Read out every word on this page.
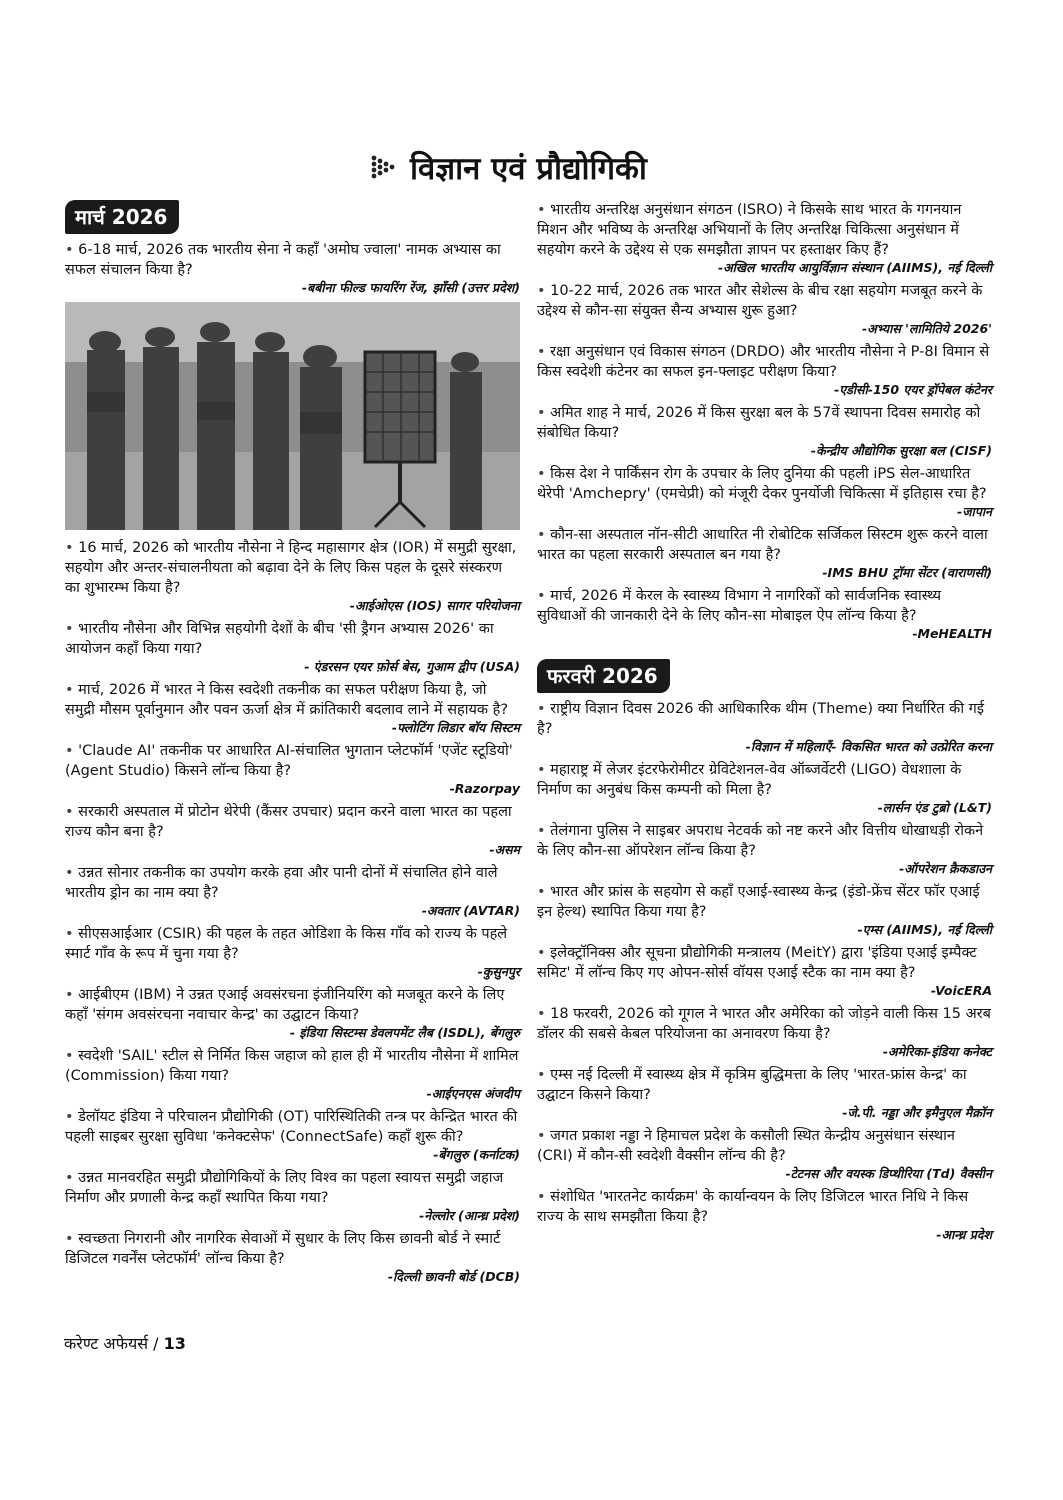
विज्ञान एवं प्रौद्योगिकी
मार्च 2026
• 6-18 मार्च, 2026 तक भारतीय सेना ने कहाँ 'अमोघ ज्वाला' नामक अभ्यास का सफल संचालन किया है?
-बबीना फील्ड फायरिंग रेंज, झाँसी (उत्तर प्रदेश)
• 16 मार्च, 2026 को भारतीय नौसेना ने हिन्द महासागर क्षेत्र (IOR) में समुद्री सुरक्षा, सहयोग और अन्तर-संचालनीयता को बढ़ावा देने के लिए किस पहल के दूसरे संस्करण का शुभारम्भ किया है?
-आईओएस (IOS) सागर परियोजना
• भारतीय नौसेना और विभिन्न सहयोगी देशों के बीच 'सी ड्रैगन अभ्यास 2026' का आयोजन कहाँ किया गया?
- एंडरसन एयर फ़ोर्स बेस, गुआम द्वीप (USA)
• मार्च, 2026 में भारत ने किस स्वदेशी तकनीक का सफल परीक्षण किया है, जो समुद्री मौसम पूर्वानुमान और पवन ऊर्जा क्षेत्र में क्रांतिकारी बदलाव लाने में सहायक है?
-फ्लोटिंग लिडार बॉय सिस्टम
• 'Claude AI' तकनीक पर आधारित AI-संचालित भुगतान प्लेटफॉर्म 'एजेंट स्टूडियो' (Agent Studio) किसने लॉन्च किया है?
-Razorpay
• सरकारी अस्पताल में प्रोटोन थेरेपी (कैंसर उपचार) प्रदान करने वाला भारत का पहला राज्य कौन बना है?
-असम
• उन्नत सोनार तकनीक का उपयोग करके हवा और पानी दोनों में संचालित होने वाले भारतीय ड्रोन का नाम क्या है?
-अवतार (AVTAR)
• सीएसआईआर (CSIR) की पहल के तहत ओडिशा के किस गाँव को राज्य के पहले स्मार्ट गाँव के रूप में चुना गया है?
-कुसुनपुर
• आईबीएम (IBM) ने उन्नत एआई अवसंरचना इंजीनियरिंग को मजबूत करने के लिए कहाँ 'संगम अवसंरचना नवाचार केन्द्र' का उद्घाटन किया?
- इंडिया सिस्टम्स डेवलपमेंट लैब (ISDL), बेंगलुरु
• स्वदेशी 'SAIL' स्टील से निर्मित किस जहाज को हाल ही में भारतीय नौसेना में शामिल (Commission) किया गया?
-आईएनएस अंजदीप
• डेलॉयट इंडिया ने परिचालन प्रौद्योगिकी (OT) पारिस्थितिकी तन्त्र पर केन्द्रित भारत की पहली साइबर सुरक्षा सुविधा 'कनेक्टसेफ' (ConnectSafe) कहाँ शुरू की?
-बेंगलुरु (कर्नाटक)
• उन्नत मानवरहित समुद्री प्रौद्योगिकियों के लिए विश्व का पहला स्वायत्त समुद्री जहाज निर्माण और प्रणाली केन्द्र कहाँ स्थापित किया गया?
-नेल्लोर (आन्ध्र प्रदेश)
• स्वच्छता निगरानी और नागरिक सेवाओं में सुधार के लिए किस छावनी बोर्ड ने स्मार्ट डिजिटल गवर्नेंस प्लेटफॉर्म' लॉन्च किया है?
-दिल्ली छावनी बोर्ड (DCB)
• भारतीय अन्तरिक्ष अनुसंधान संगठन (ISRO) ने किसके साथ भारत के गगनयान मिशन और भविष्य के अन्तरिक्ष अभियानों के लिए अन्तरिक्ष चिकित्सा अनुसंधान में सहयोग करने के उद्देश्य से एक समझौता ज्ञापन पर हस्ताक्षर किए हैं?
-अखिल भारतीय आयुर्विज्ञान संस्थान (AIIMS), नई दिल्ली
• 10-22 मार्च, 2026 तक भारत और सेशेल्स के बीच रक्षा सहयोग मजबूत करने के उद्देश्य से कौन-सा संयुक्त सैन्य अभ्यास शुरू हुआ?
-अभ्यास 'लामितिये 2026'
• रक्षा अनुसंधान एवं विकास संगठन (DRDO) और भारतीय नौसेना ने P-8I विमान से किस स्वदेशी कंटेनर का सफल इन-फ्लाइट परीक्षण किया?
-एडीसी-150 एयर ड्रॉपेबल कंटेनर
• अमित शाह ने मार्च, 2026 में किस सुरक्षा बल के 57वें स्थापना दिवस समारोह को संबोधित किया?
-केन्द्रीय औद्योगिक सुरक्षा बल (CISF)
• किस देश ने पार्किंसन रोग के उपचार के लिए दुनिया की पहली iPS सेल-आधारित थेरेपी 'Amchepry' (एमचेप्री) को मंजूरी देकर पुनर्योजी चिकित्सा में इतिहास रचा है?
-जापान
• कौन-सा अस्पताल नॉन-सीटी आधारित नी रोबोटिक सर्जिकल सिस्टम शुरू करने वाला भारत का पहला सरकारी अस्पताल बन गया है?
-IMS BHU ट्रॉमा सेंटर (वाराणसी)
• मार्च, 2026 में केरल के स्वास्थ्य विभाग ने नागरिकों को सार्वजनिक स्वास्थ्य सुविधाओं की जानकारी देने के लिए कौन-सा मोबाइल ऐप लॉन्च किया है?
-MeHEALTH
फरवरी 2026
• राष्ट्रीय विज्ञान दिवस 2026 की आधिकारिक थीम (Theme) क्या निर्धारित की गई है?
-विज्ञान में महिलाएँ- विकसित भारत को उत्प्रेरित करना
• महाराष्ट्र में लेजर इंटरफेरोमीटर ग्रेविटेशनल-वेव ऑब्जर्वेटरी (LIGO) वेधशाला के निर्माण का अनुबंध किस कम्पनी को मिला है?
-लार्सन एंड टुब्रो (L&T)
• तेलंगाना पुलिस ने साइबर अपराध नेटवर्क को नष्ट करने और वित्तीय धोखाधड़ी रोकने के लिए कौन-सा ऑपरेशन लॉन्च किया है?
-ऑपरेशन क्रैकडाउन
• भारत और फ्रांस के सहयोग से कहाँ एआई-स्वास्थ्य केन्द्र (इंडो-फ्रेंच सेंटर फॉर एआई इन हेल्थ) स्थापित किया गया है?
-एम्स (AIIMS), नई दिल्ली
• इलेक्ट्रॉनिक्स और सूचना प्रौद्योगिकी मन्त्रालय (MeitY) द्वारा 'इंडिया एआई इम्पैक्ट समिट' में लॉन्च किए गए ओपन-सोर्स वॉयस एआई स्टैक का नाम क्या है?
-VoicERA
• 18 फरवरी, 2026 को गूगल ने भारत और अमेरिका को जोड़ने वाली किस 15 अरब डॉलर की सबसे केबल परियोजना का अनावरण किया है?
-अमेरिका-इंडिया कनेक्ट
• एम्स नई दिल्ली में स्वास्थ्य क्षेत्र में कृत्रिम बुद्धिमत्ता के लिए 'भारत-फ्रांस केन्द्र' का उद्घाटन किसने किया?
-जे.पी. नड्डा और इमैनुएल मैक्रॉन
• जगत प्रकाश नड्डा ने हिमाचल प्रदेश के कसौली स्थित केन्द्रीय अनुसंधान संस्थान (CRI) में कौन-सी स्वदेशी वैक्सीन लॉन्च की है?
-टेटनस और वयस्क डिप्थीरिया (Td) वैक्सीन
• संशोधित 'भारतनेट कार्यक्रम' के कार्यान्वयन के लिए डिजिटल भारत निधि ने किस राज्य के साथ समझौता किया है?
-आन्ध्र प्रदेश
करेण्ट अफेयर्स / 13
